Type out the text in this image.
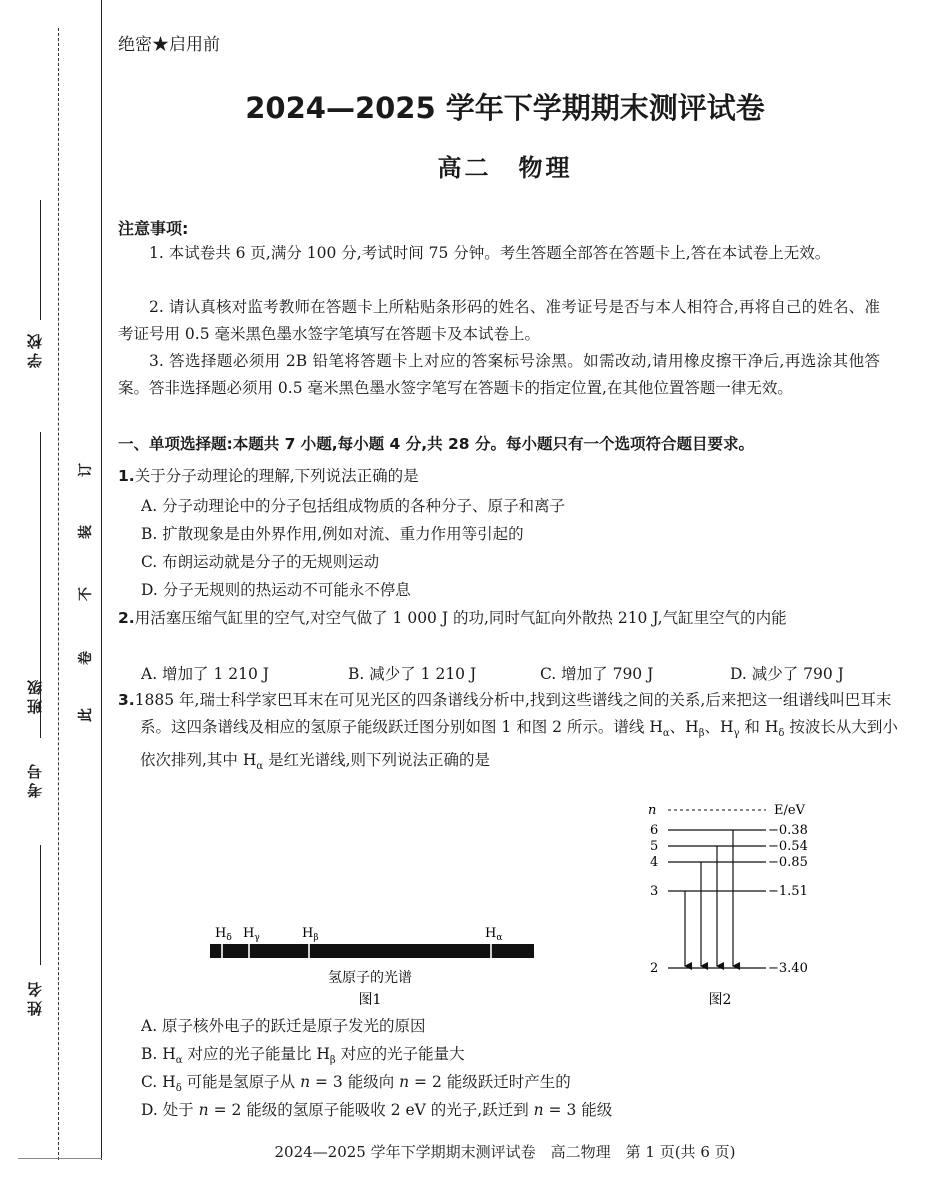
学校
班级
考号
姓名
此
卷
不
装
订
绝密★启用前
2024—2025 学年下学期期末测评试卷
高二　物理
注意事项:
1. 本试卷共 6 页,满分 100 分,考试时间 75 分钟。考生答题全部答在答题卡上,答在本试卷上无效。
2. 请认真核对监考教师在答题卡上所粘贴条形码的姓名、准考证号是否与本人相符合,再将自己的姓名、准考证号用 0.5 毫米黑色墨水签字笔填写在答题卡及本试卷上。
3. 答选择题必须用 2B 铅笔将答题卡上对应的答案标号涂黑。如需改动,请用橡皮擦干净后,再选涂其他答案。答非选择题必须用 0.5 毫米黑色墨水签字笔写在答题卡的指定位置,在其他位置答题一律无效。
一、单项选择题:本题共 7 小题,每小题 4 分,共 28 分。每小题只有一个选项符合题目要求。
1.关于分子动理论的理解,下列说法正确的是
A. 分子动理论中的分子包括组成物质的各种分子、原子和离子
B. 扩散现象是由外界作用,例如对流、重力作用等引起的
C. 布朗运动就是分子的无规则运动
D. 分子无规则的热运动不可能永不停息
2.用活塞压缩气缸里的空气,对空气做了 1 000 J 的功,同时气缸向外散热 210 J,气缸里空气的内能
A. 增加了 1 210 J	B. 减少了 1 210 J	C. 增加了 790 J	D. 减少了 790 J
3.1885 年,瑞士科学家巴耳末在可见光区的四条谱线分析中,找到这些谱线之间的关系,后来把这一组谱线叫巴耳末系。这四条谱线及相应的氢原子能级跃迁图分别如图 1 和图 2 所示。谱线 $H_\alpha$、$H_\beta$、$H_\gamma$ 和 $H_\delta$ 按波长从大到小依次排列,其中 $H_\alpha$ 是红光谱线,则下列说法正确的是
$H_\delta$ $H_\gamma$	$H_\beta$	$H_\alpha$
氢原子的光谱
图1
n	E/eV
6	−0.38
5	−0.54
4	−0.85
3	−1.51
2	−3.40
图2
A. 原子核外电子的跃迁是原子发光的原因
B. $H_\alpha$ 对应的光子能量比 $H_\beta$ 对应的光子能量大
C. $H_\delta$ 可能是氢原子从 n = 3 能级向 n = 2 能级跃迁时产生的
D. 处于 n = 2 能级的氢原子能吸收 2 eV 的光子,跃迁到 n = 3 能级
2024—2025 学年下学期期末测评试卷　高二物理　第 1 页(共 6 页)
